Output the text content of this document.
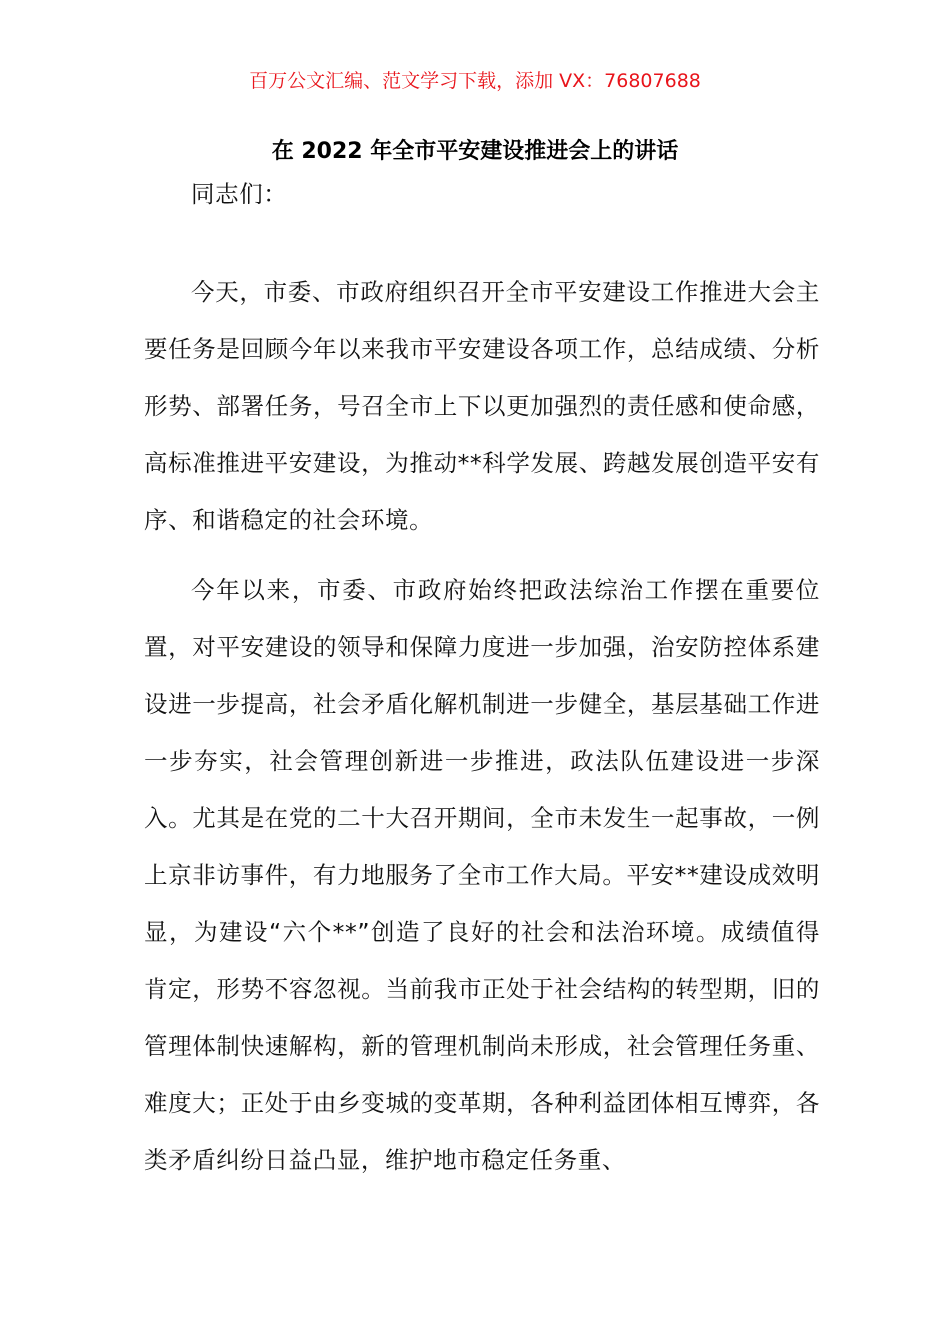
百万公文汇编、范文学习下载，添加 VX：76807688
在 2022 年全市平安建设推进会上的讲话
同志们：

今天，市委、市政府组织召开全市平安建设工作推进大会主要任务是回顾今年以来我市平安建设各项工作，总结成绩、分析形势、部署任务，号召全市上下以更加强烈的责任感和使命感，高标准推进平安建设，为推动**科学发展、跨越发展创造平安有序、和谐稳定的社会环境。

今年以来，市委、市政府始终把政法综治工作摆在重要位置，对平安建设的领导和保障力度进一步加强，治安防控体系建设进一步提高，社会矛盾化解机制进一步健全，基层基础工作进一步夯实，社会管理创新进一步推进，政法队伍建设进一步深入。尤其是在党的二十大召开期间，全市未发生一起事故，一例上京非访事件，有力地服务了全市工作大局。平安**建设成效明显，为建设“六个**”创造了良好的社会和法治环境。成绩值得肯定，形势不容忽视。当前我市正处于社会结构的转型期，旧的管理体制快速解构，新的管理机制尚未形成，社会管理任务重、难度大；正处于由乡变城的变革期，各种利益团体相互博弈，各类矛盾纠纷日益凸显，维护地市稳定任务重、
